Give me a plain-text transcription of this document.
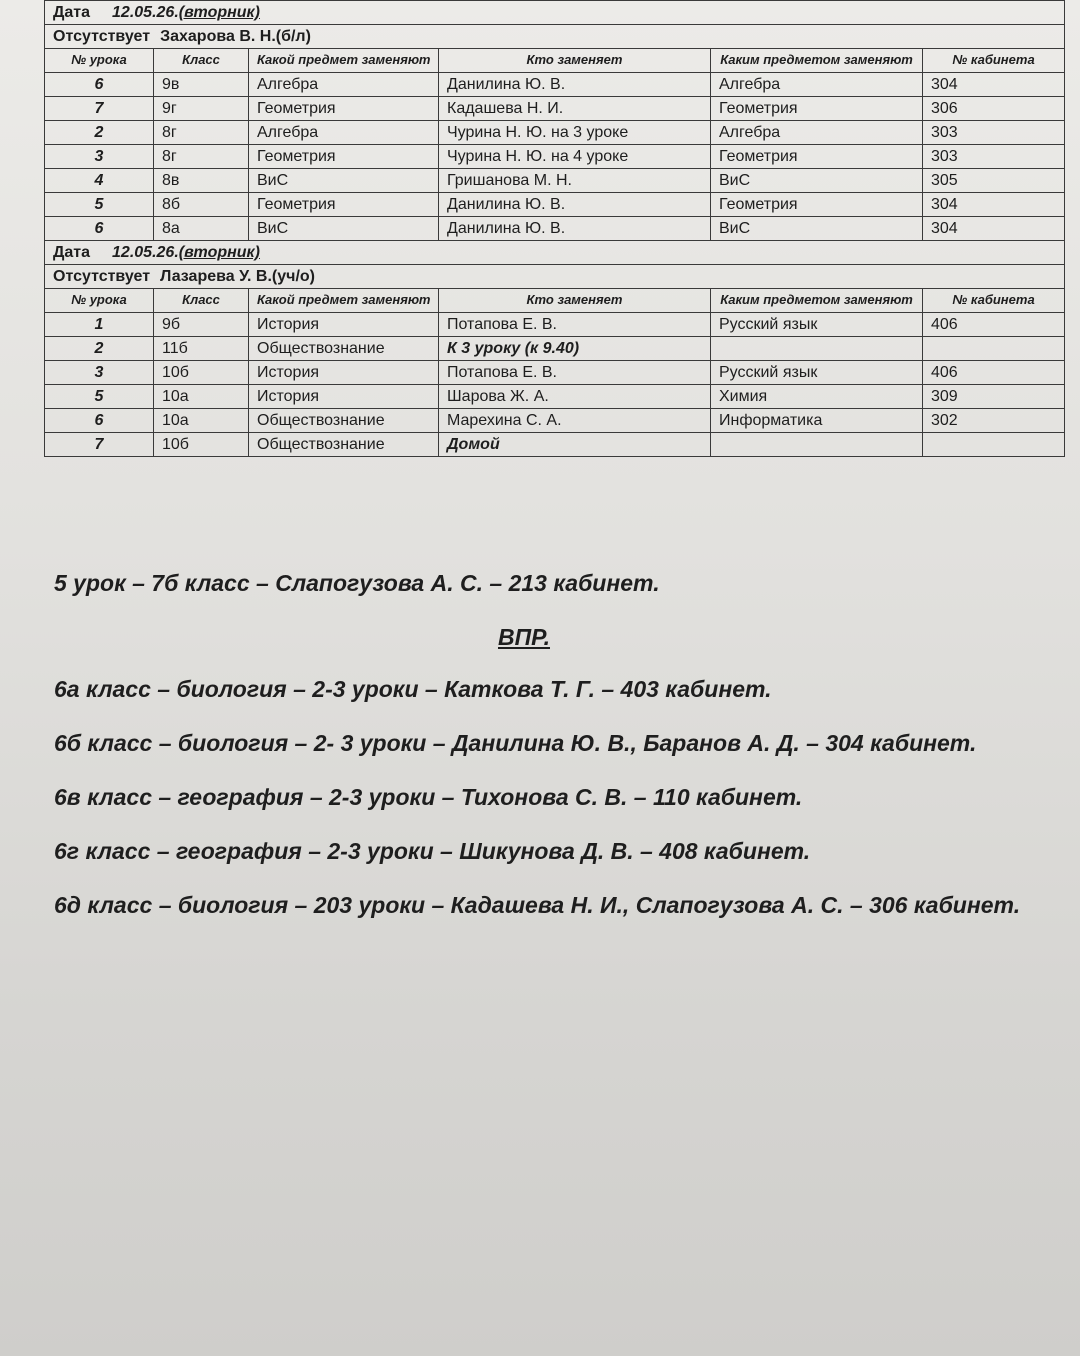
Дата 12.05.26.(вторник)					
Отсутствует Захарова В. Н.(б/л)					
№ урока	Класс	Какой предмет заменяют	Кто заменяет	Каким предметом заменяют	№ кабинета
6	9в	Алгебра	Данилина Ю. В.	Алгебра	304
7	9г	Геометрия	Кадашева Н. И.	Геометрия	306
2	8г	Алгебра	Чурина Н. Ю. на 3 уроке	Алгебра	303
3	8г	Геометрия	Чурина Н. Ю. на 4 уроке	Геометрия	303
4	8в	ВиС	Гришанова М. Н.	ВиС	305
5	8б	Геометрия	Данилина Ю. В.	Геометрия	304
6	8а	ВиС	Данилина Ю. В.	ВиС	304
Дата 12.05.26.(вторник)					
Отсутствует Лазарева У. В.(уч/о)					
№ урока	Класс	Какой предмет заменяют	Кто заменяет	Каким предметом заменяют	№ кабинета
1	9б	История	Потапова Е. В.	Русский язык	406
2	11б	Обществознание	К 3 уроку (к 9.40)		
3	10б	История	Потапова Е. В.	Русский язык	406
5	10а	История	Шарова Ж. А.	Химия	309
6	10а	Обществознание	Марехина С. А.	Информатика	302
7	10б	Обществознание	Домой		

5 урок – 7б класс – Слапогузова А. С. – 213 кабинет.

ВПР.

6а класс – биология – 2-3 уроки – Каткова Т. Г. – 403 кабинет.

6б класс – биология – 2- 3 уроки – Данилина Ю. В., Баранов А. Д. – 304 кабинет.

6в класс – география – 2-3 уроки – Тихонова С. В. – 110 кабинет.

6г класс – география – 2-3 уроки – Шикунова Д. В. – 408 кабинет.

6д класс – биология – 203 уроки – Кадашева Н. И., Слапогузова А. С. – 306 кабинет.
